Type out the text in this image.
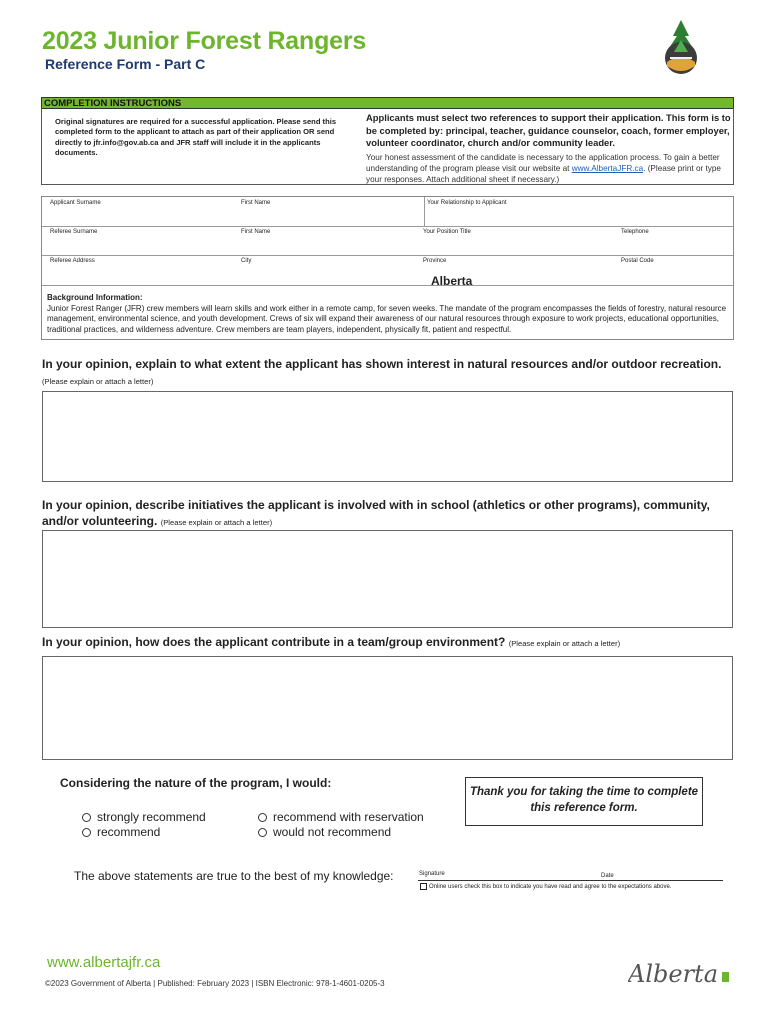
2023 Junior Forest Rangers
Reference Form - Part C
COMPLETION INSTRUCTIONS
Original signatures are required for a successful application. Please send this completed form to the applicant to attach as part of their application OR send directly to jfr.info@gov.ab.ca and JFR staff will include it in the applicants documents.
Applicants must select two references to support their application. This form is to be completed by: principal, teacher, guidance counselor, coach, former employer, volunteer coordinator, church and/or community leader.
Your honest assessment of the candidate is necessary to the application process. To gain a better understanding of the program please visit our website at www.AlbertaJFR.ca. (Please print or type your responses. Attach additional sheet if necessary.)
Applicant Surname	First Name	Your Relationship to Applicant
Referee Surname	First Name	Your Position Title	Telephone
Referee Address	City	Province	Postal Code
Alberta
Background Information:
Junior Forest Ranger (JFR) crew members will learn skills and work either in a remote camp, for seven weeks. The mandate of the program encompasses the fields of forestry, natural resource management, environmental science, and youth development. Crews of six will expand their awareness of our natural resources through exposure to work projects, educational opportunities, traditional practices, and wilderness adventure. Crew members are team players, independent, physically fit, patient and respectful.
In your opinion, explain to what extent the applicant has shown interest in natural resources and/or outdoor recreation. (Please explain or attach a letter)
In your opinion, describe initiatives the applicant is involved with in school (athletics or other programs), community, and/or volunteering. (Please explain or attach a letter)
In your opinion, how does the applicant contribute in a team/group environment? (Please explain or attach a letter)
Considering the nature of the program, I would:
strongly recommend
recommend
recommend with reservation
would not recommend
Thank you for taking the time to complete this reference form.
The above statements are true to the best of my knowledge:	Signature	Date
Online users check this box to indicate you have read and agree to the expectations above.
www.albertajfr.ca
©2023 Government of Alberta | Published: February 2023 | ISBN Electronic: 978-1-4601-0205-3	Alberta
